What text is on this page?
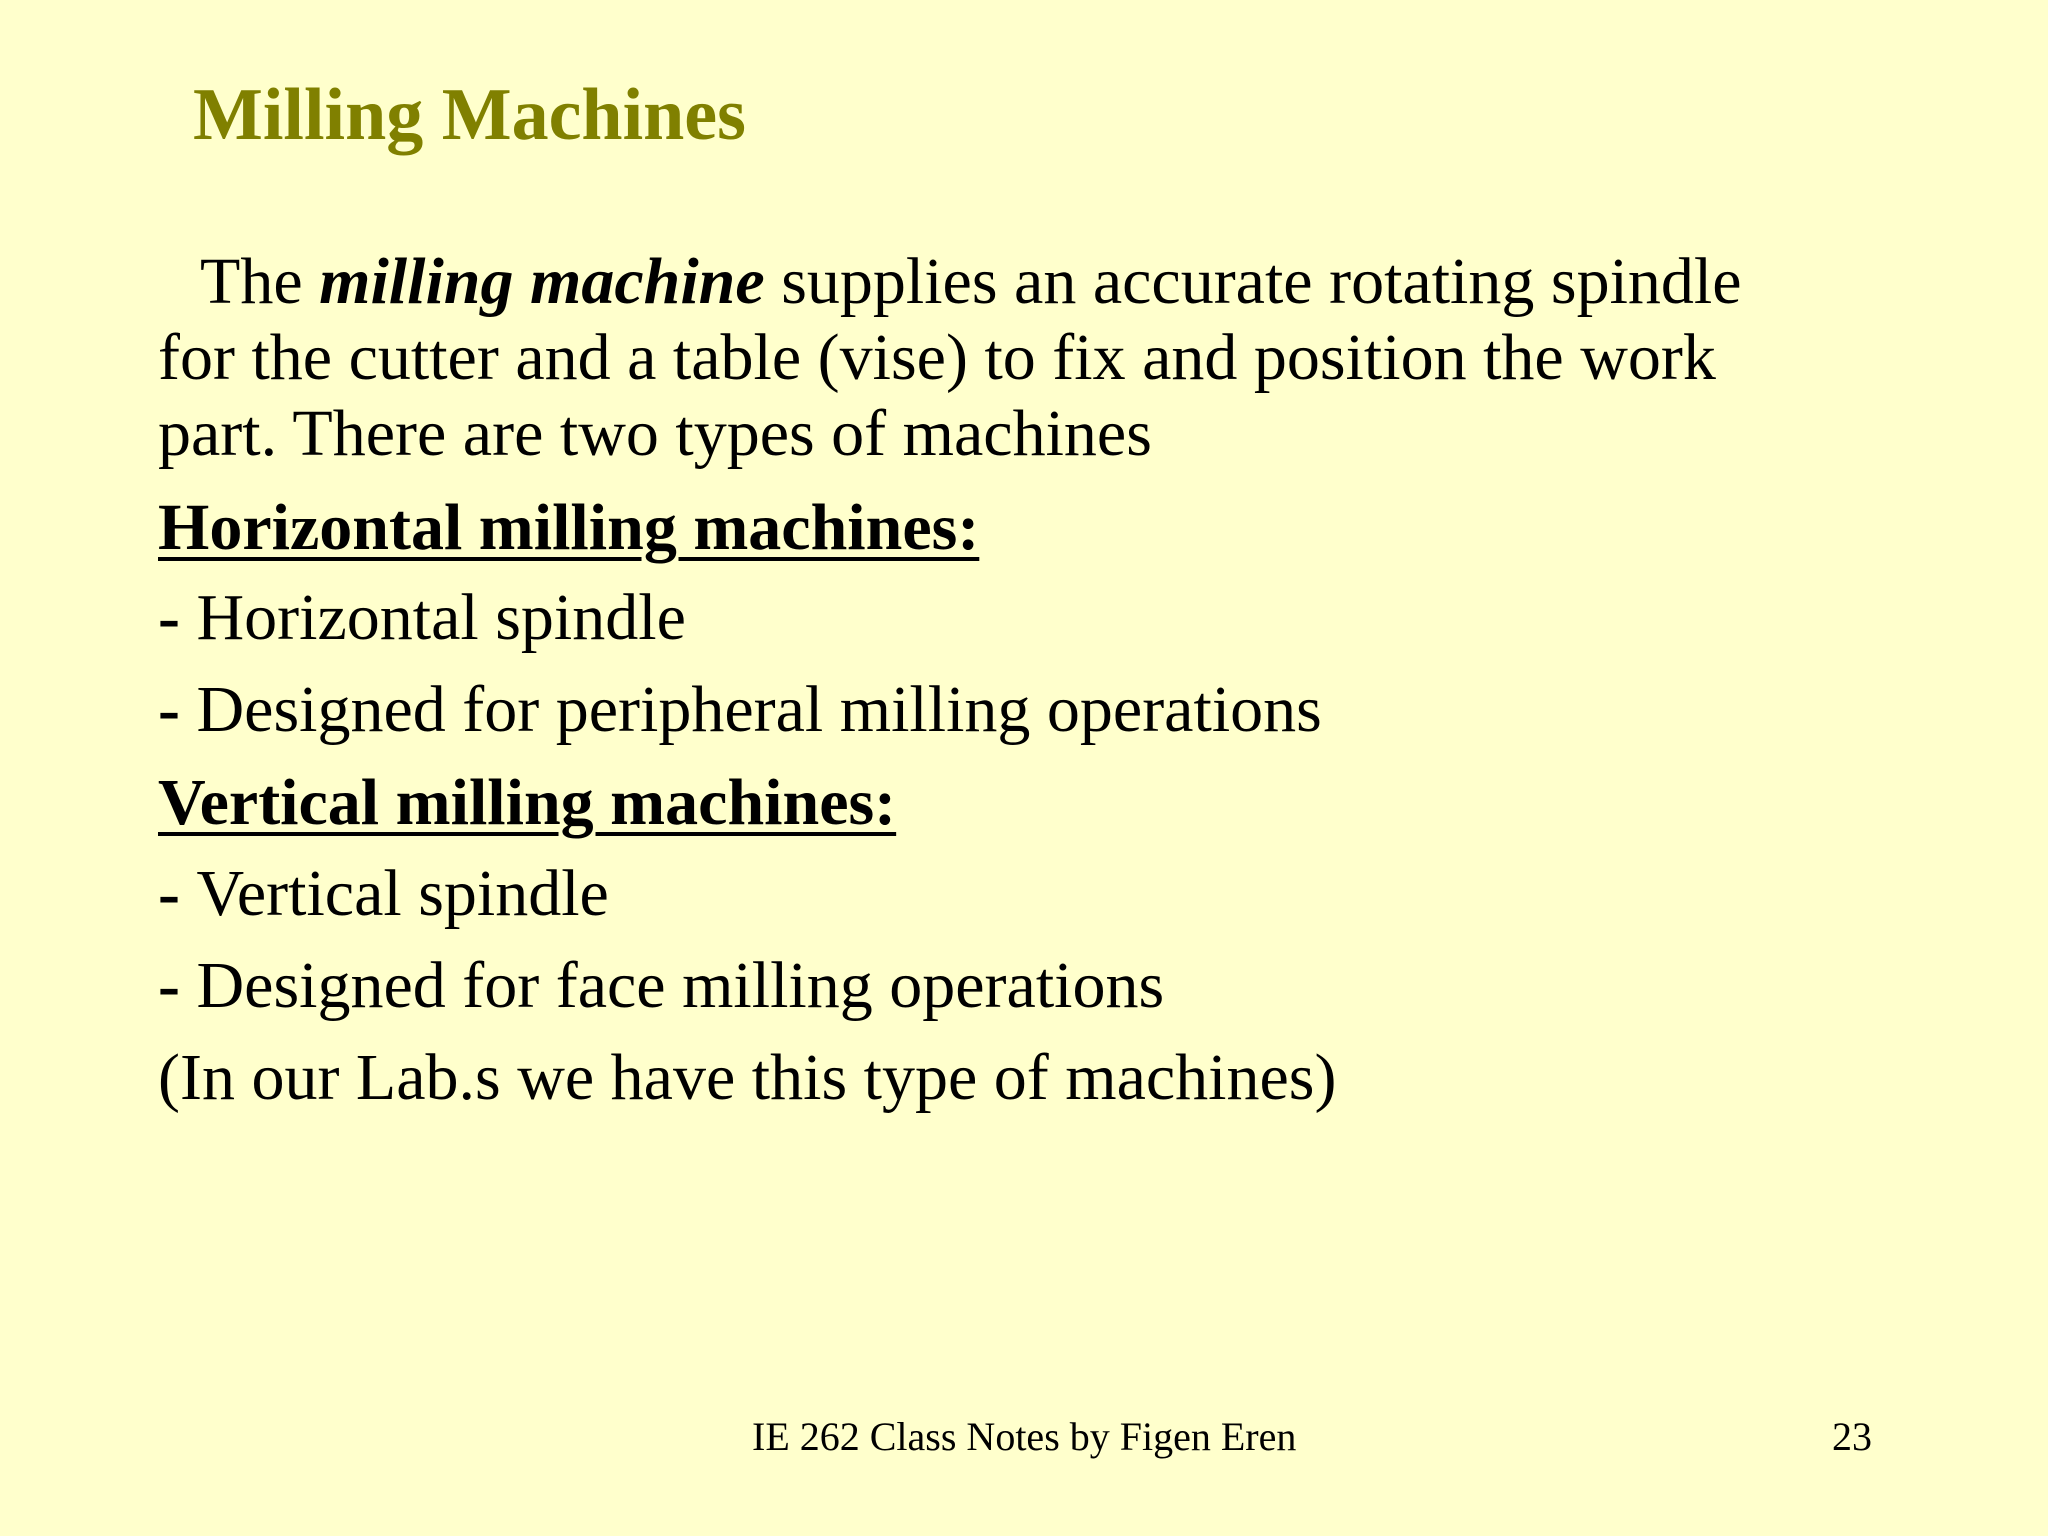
Milling Machines
The milling machine supplies an accurate rotating spindle
for the cutter and a table (vise) to fix and position the work
part. There are two types of machines
Horizontal milling machines:
- Horizontal spindle
- Designed for peripheral milling operations
Vertical milling machines:
- Vertical spindle
- Designed for face milling operations
(In our Lab.s we have this type of machines)
IE 262 Class Notes by Figen Eren	23
